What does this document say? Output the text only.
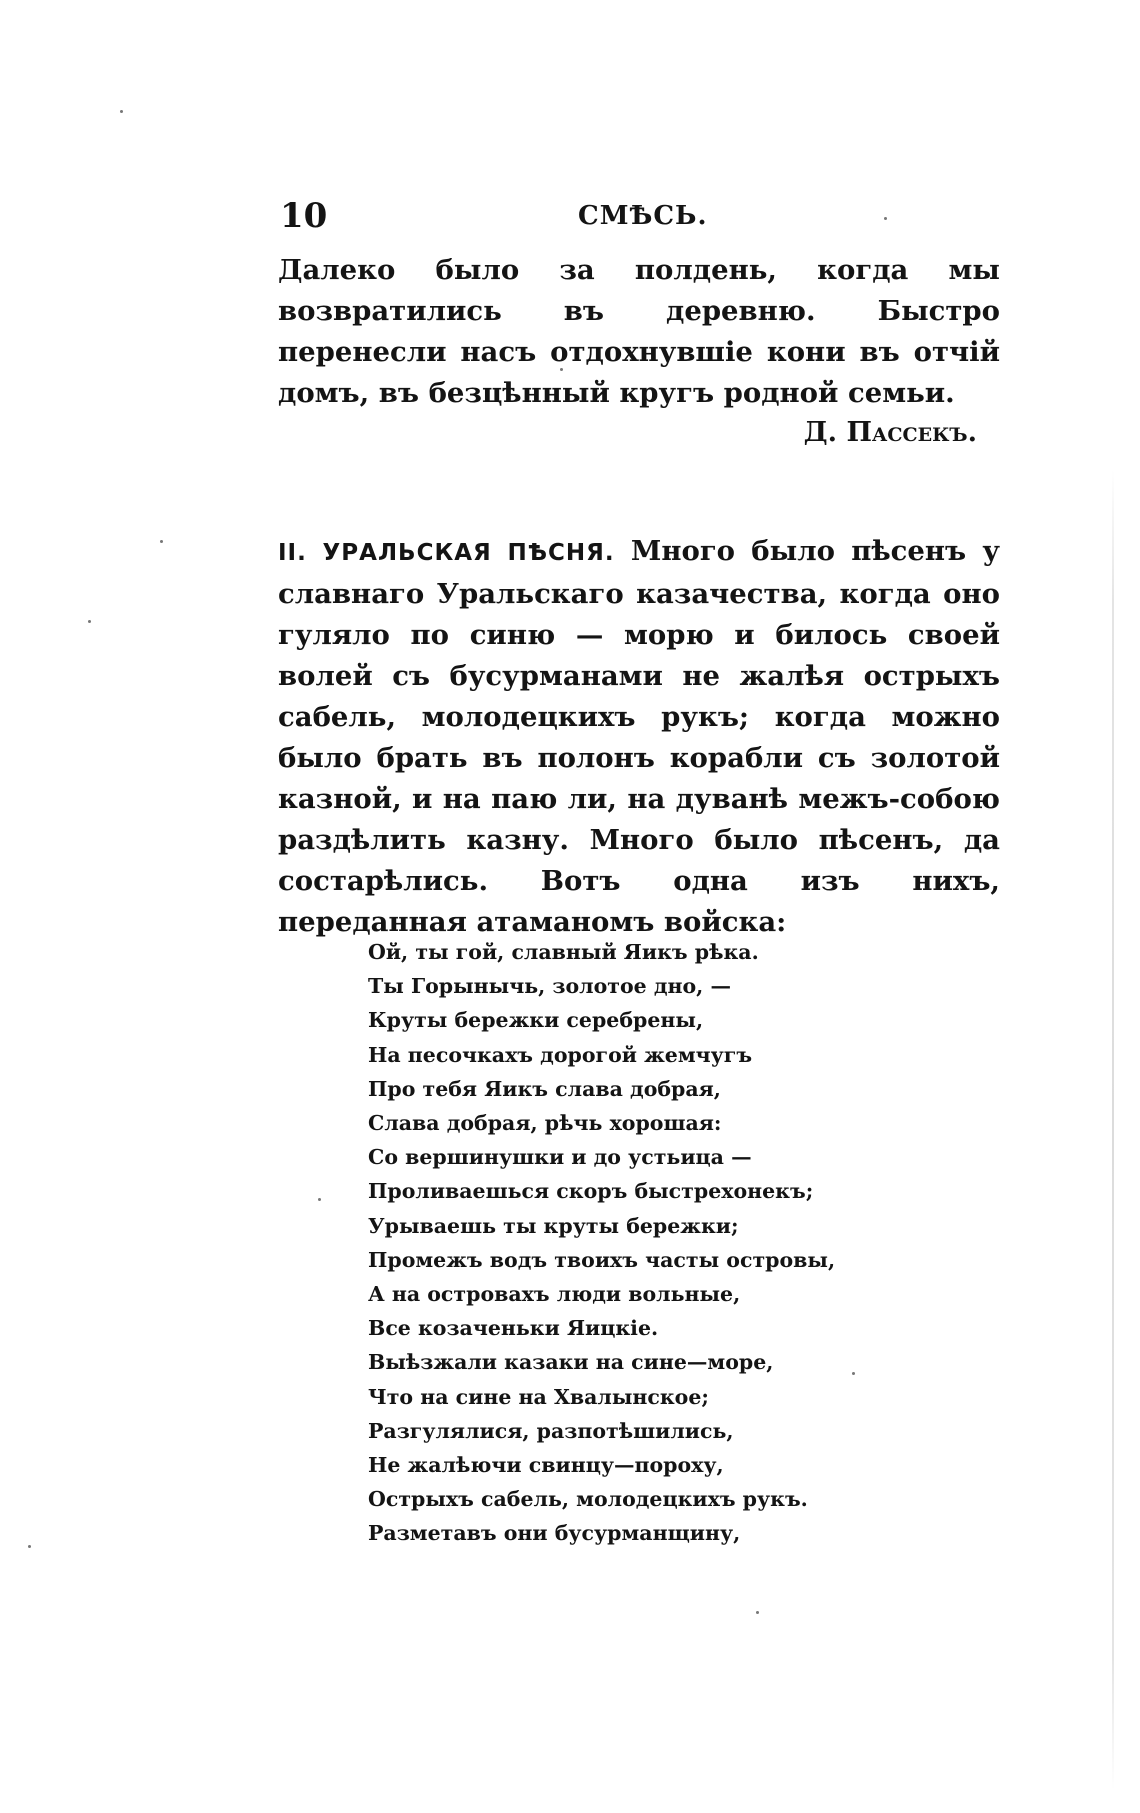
10	СМѢСЬ.

Далеко было за полдень, когда мы возвратились въ деревню. Быстро перенесли насъ отдохнувшіе кони въ отчій домъ, въ безцѣнный кругъ родной семьи.

Д. Пассекъ.

II. УРАЛЬСКАЯ ПѢСНЯ. Много было пѣсенъ у славнаго Уральскаго казачества, когда оно гуляло по синю — морю и билось своей волей съ бусурманами не жалѣя острыхъ сабель, молодецкихъ рукъ; когда можно было брать въ полонъ корабли съ золотой казной, и на паю ли, на дуванѣ межъ-собою раздѣлить казну. Много было пѣсенъ, да состарѣлись. Вотъ одна изъ нихъ, переданная атаманомъ войска:

Ой, ты гой, славный Яикъ рѣка.
Ты Горынычь, золотое дно, —
Круты бережки серебрены,
На песочкахъ дорогой жемчугъ
Про тебя Яикъ слава добрая,
Слава добрая, рѣчь хорошая:
Со вершинушки и до устьица —
Проливаешься скоръ быстрехонекъ;
Урываешь ты круты бережки;
Промежъ водъ твоихъ часты островы,
А на островахъ люди вольные,
Все козаченьки Яицкіе.
Выѣзжали казаки на сине—море,
Что на сине на Хвалынское;
Разгулялися, разпотѣшились,
Не жалѣючи свинцу—пороху,
Острыхъ сабель, молодецкихъ рукъ.
Разметавъ они бусурманщину,
